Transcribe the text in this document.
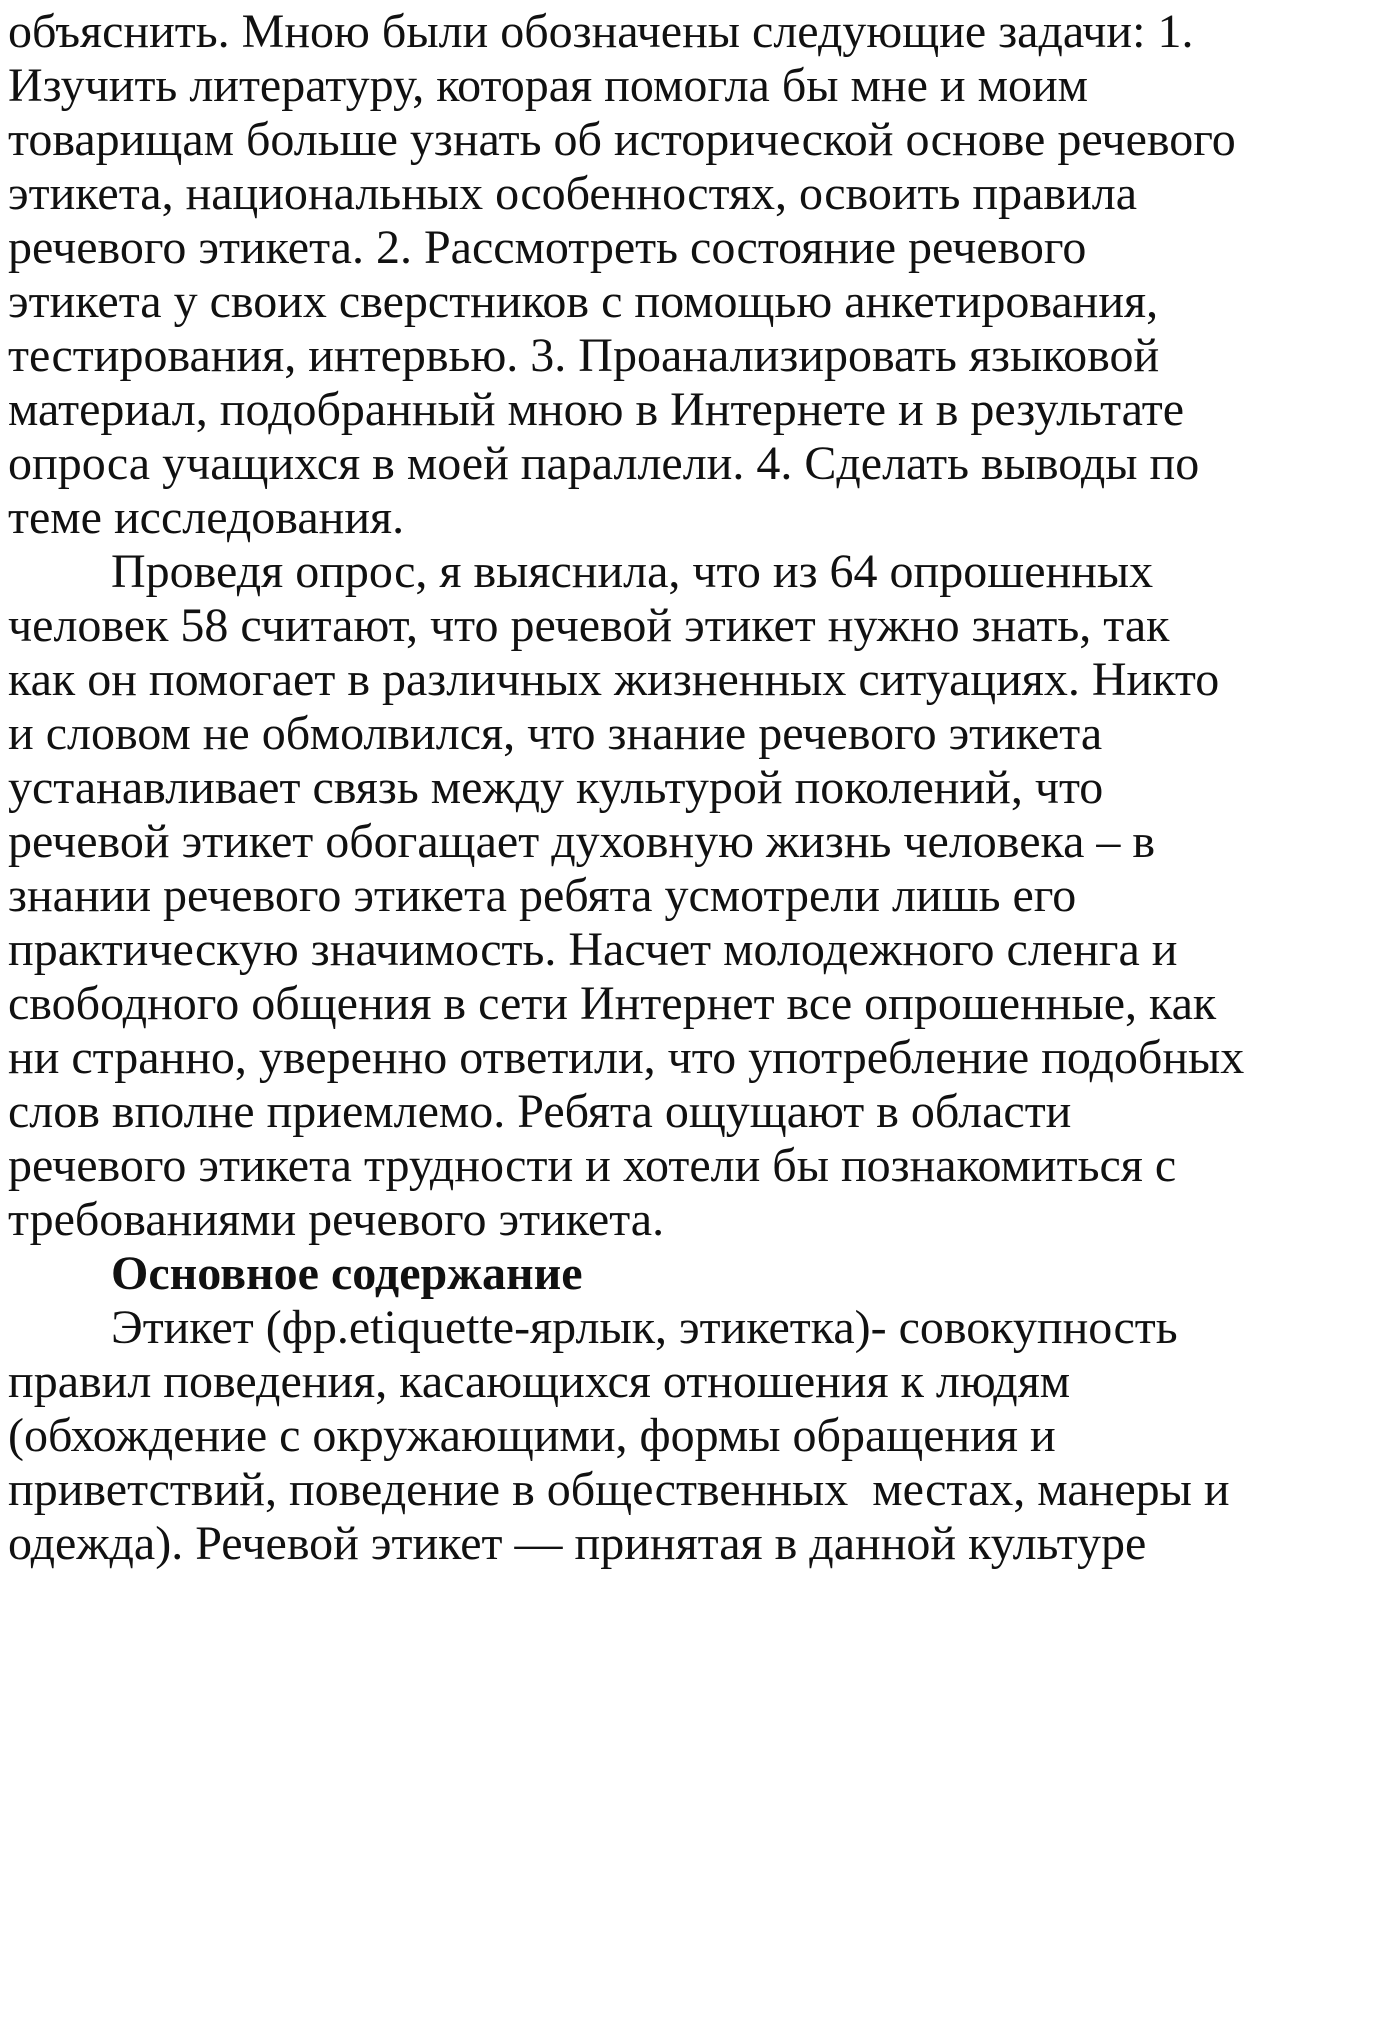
объяснить. Мною были обозначены следующие задачи: 1.
Изучить литературу, которая помогла бы мне и моим
товарищам больше узнать об исторической основе речевого
этикета, национальных особенностях, освоить правила
речевого этикета. 2. Рассмотреть состояние речевого
этикета у своих сверстников с помощью анкетирования,
тестирования, интервью. 3. Проанализировать языковой
материал, подобранный мною в Интернете и в результате
опроса учащихся в моей параллели. 4. Сделать выводы по
теме исследования.
Проведя опрос, я выяснила, что из 64 опрошенных
человек 58 считают, что речевой этикет нужно знать, так
как он помогает в различных жизненных ситуациях. Никто
и словом не обмолвился, что знание речевого этикета
устанавливает связь между культурой поколений, что
речевой этикет обогащает духовную жизнь человека – в
знании речевого этикета ребята усмотрели лишь его
практическую значимость. Насчет молодежного сленга и
свободного общения в сети Интернет все опрошенные, как
ни странно, уверенно ответили, что употребление подобных
слов вполне приемлемо. Ребята ощущают в области
речевого этикета трудности и хотели бы познакомиться с
требованиями речевого этикета.
Основное содержание
Этикет (фр.etiquette-ярлык, этикетка)- совокупность
правил поведения, касающихся отношения к людям
(обхождение с окружающими, формы обращения и
приветствий, поведение в общественных  местах, манеры и
одежда). Речевой этикет — принятая в данной культуре
